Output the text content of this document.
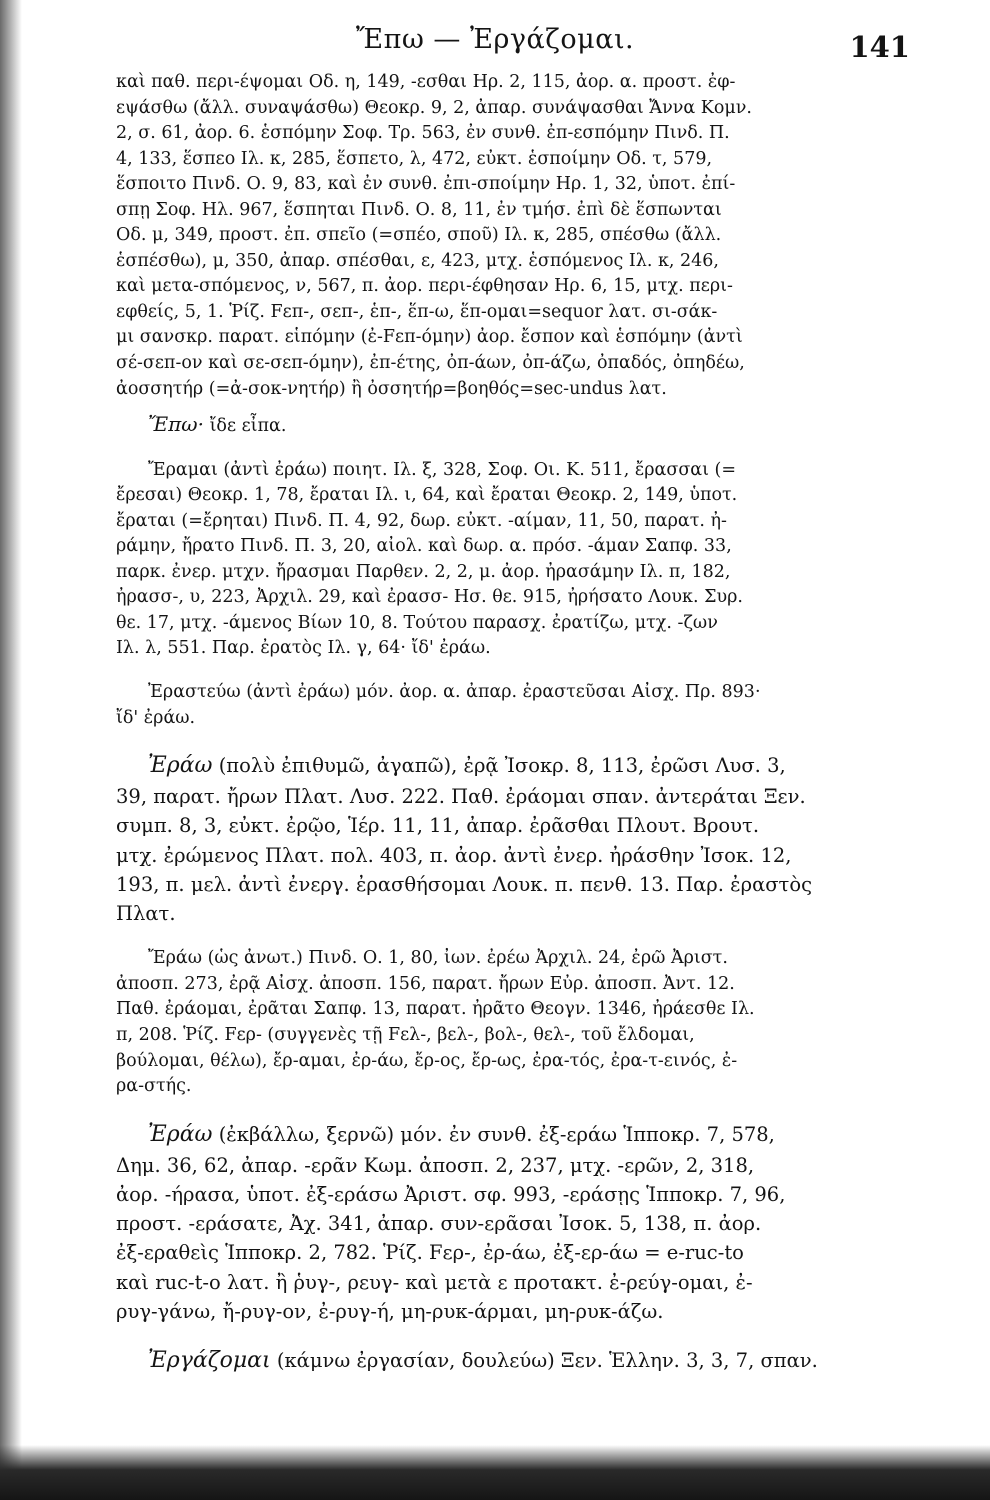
Ἔπω — Ἐργάζομαι.	141

καὶ παθ. περι-έψομαι Οδ. η, 149, -εσθαι Ηρ. 2, 115, ἀορ. α. προστ. ἐφ-
εψάσθω (ἄλλ. συναψάσθω) Θεοκρ. 9, 2, ἀπαρ. συνάψασθαι Ἄννα Κομν.
2, σ. 61, ἀορ. 6. ἑσπόμην Σοφ. Τρ. 563, ἐν συνθ. ἐπ-εσπόμην Πινδ. Π.
4, 133, ἕσπεο Ιλ. κ, 285, ἕσπετο, λ, 472, εὐκτ. ἑσποίμην Οδ. τ, 579,
ἕσποιτο Πινδ. Ο. 9, 83, καὶ ἐν συνθ. ἐπι-σποίμην Ηρ. 1, 32, ὑποτ. ἐπί-
σπῃ Σοφ. Ηλ. 967, ἕσπηται Πινδ. Ο. 8, 11, ἐν τμήσ. ἐπὶ δὲ ἕσπωνται
Οδ. μ, 349, προστ. ἐπ. σπεῖο (=σπέο, σποῦ) Ιλ. κ, 285, σπέσθω (ἄλλ.
ἑσπέσθω), μ, 350, ἀπαρ. σπέσθαι, ε, 423, μτχ. ἑσπόμενος Ιλ. κ, 246,
καὶ μετα-σπόμενος, ν, 567, π. ἀορ. περι-έφθησαν Ηρ. 6, 15, μτχ. περι-
εφθείς, 5, 1. Ῥίζ. Fεπ-, σεπ-, ἑπ-, ἕπ-ω, ἕπ-ομαι=sequor λατ. σι-σάκ-
μι σανσκρ. παρατ. εἱπόμην (ἐ-Fεπ-όμην) ἀορ. ἔσπον καὶ ἑσπόμην (ἀντὶ
σέ-σεπ-ον καὶ σε-σεπ-όμην), ἐπ-έτης, ὀπ-άων, ὀπ-άζω, ὀπαδός, ὀπηδέω,
ἀοσσητήρ (=ἀ-σοκ-νητήρ) ἢ ὀσσητήρ=βοηθός=sec-undus λατ.

Ἔπω· ἴδε εἶπα.

Ἔραμαι (ἀντὶ ἐράω) ποιητ. Ιλ. ξ, 328, Σοφ. Οι. Κ. 511, ἔρασσαι (=
ἔρεσαι) Θεοκρ. 1, 78, ἔραται Ιλ. ι, 64, καὶ ἔραται Θεοκρ. 2, 149, ὑποτ.
ἔραται (=ἔρηται) Πινδ. Π. 4, 92, δωρ. εὐκτ. -αίμαν, 11, 50, παρατ. ἠ-
ράμην, ἤρατο Πινδ. Π. 3, 20, αἰολ. καὶ δωρ. α. πρόσ. -άμαν Σαπφ. 33,
παρκ. ἐνερ. μτχν. ἤρασμαι Παρθεν. 2, 2, μ. ἀορ. ἠρασάμην Ιλ. π, 182,
ἠρασσ-, υ, 223, Ἀρχιλ. 29, καὶ ἐρασσ- Ησ. θε. 915, ἠρήσατο Λουκ. Συρ.
θε. 17, μτχ. -άμενος Βίων 10, 8. Τούτου παρασχ. ἐρατίζω, μτχ. -ζων
Ιλ. λ, 551. Παρ. ἐρατὸς Ιλ. γ, 64· ἴδ' ἐράω.

Ἐραστεύω (ἀντὶ ἐράω) μόν. ἀορ. α. ἀπαρ. ἐραστεῦσαι Αἰσχ. Πρ. 893·
ἴδ' ἐράω.

Ἐράω (πολὺ ἐπιθυμῶ, ἀγαπῶ), ἐρᾷ Ἰσοκρ. 8, 113, ἐρῶσι Λυσ. 3,
39, παρατ. ἤρων Πλατ. Λυσ. 222. Παθ. ἐράομαι σπαν. ἀντεράται Ξεν.
συμπ. 8, 3, εὐκτ. ἐρῷο, Ἱέρ. 11, 11, ἀπαρ. ἐρᾶσθαι Πλουτ. Βρουτ.
μτχ. ἐρώμενος Πλατ. πολ. 403, π. ἀορ. ἀντὶ ἐνερ. ἠράσθην Ἰσοκ. 12,
193, π. μελ. ἀντὶ ἐνεργ. ἐρασθήσομαι Λουκ. π. πενθ. 13. Παρ. ἐραστὸς
Πλατ.

Ἔράω (ὡς ἀνωτ.) Πινδ. Ο. 1, 80, ἰων. ἐρέω Ἀρχιλ. 24, ἐρῶ Ἀριστ.
ἀποσπ. 273, ἐρᾷ Αἰσχ. ἀποσπ. 156, παρατ. ἤρων Εὐρ. ἀποσπ. Ἀντ. 12.
Παθ. ἐράομαι, ἐρᾶται Σαπφ. 13, παρατ. ἠρᾶτο Θεογν. 1346, ἠράεσθε Ιλ.
π, 208. Ῥίζ. Fερ- (συγγενὲς τῇ Fελ-, βελ-, βολ-, θελ-, τοῦ ἔλδομαι,
βούλομαι, θέλω), ἔρ-αμαι, ἐρ-άω, ἔρ-ος, ἔρ-ως, ἐρα-τός, ἐρα-τ-εινός, ἐ-
ρα-στής.

Ἐράω (ἐκβάλλω, ξερνῶ) μόν. ἐν συνθ. ἐξ-εράω Ἱπποκρ. 7, 578,
Δημ. 36, 62, ἀπαρ. -ερᾶν Κωμ. ἀποσπ. 2, 237, μτχ. -ερῶν, 2, 318,
ἀορ. -ήρασα, ὑποτ. ἐξ-εράσω Ἀριστ. σφ. 993, -εράσῃς Ἱπποκρ. 7, 96,
προστ. -εράσατε, Ἀχ. 341, ἀπαρ. συν-ερᾶσαι Ἰσοκ. 5, 138, π. ἀορ.
ἐξ-εραθεὶς Ἱπποκρ. 2, 782. Ῥίζ. Fερ-, ἐρ-άω, ἐξ-ερ-άω = e-ruc-to
καὶ ruc-t-o λατ. ἢ ῥυγ-, ρευγ- καὶ μετὰ ε προτακτ. ἐ-ρεύγ-ομαι, ἐ-
ρυγ-γάνω, ἤ-ρυγ-ον, ἐ-ρυγ-ή, μη-ρυκ-άρμαι, μη-ρυκ-άζω.

Ἐργάζομαι (κάμνω ἐργασίαν, δουλεύω) Ξεν. Ἑλλην. 3, 3, 7, σπαν.
